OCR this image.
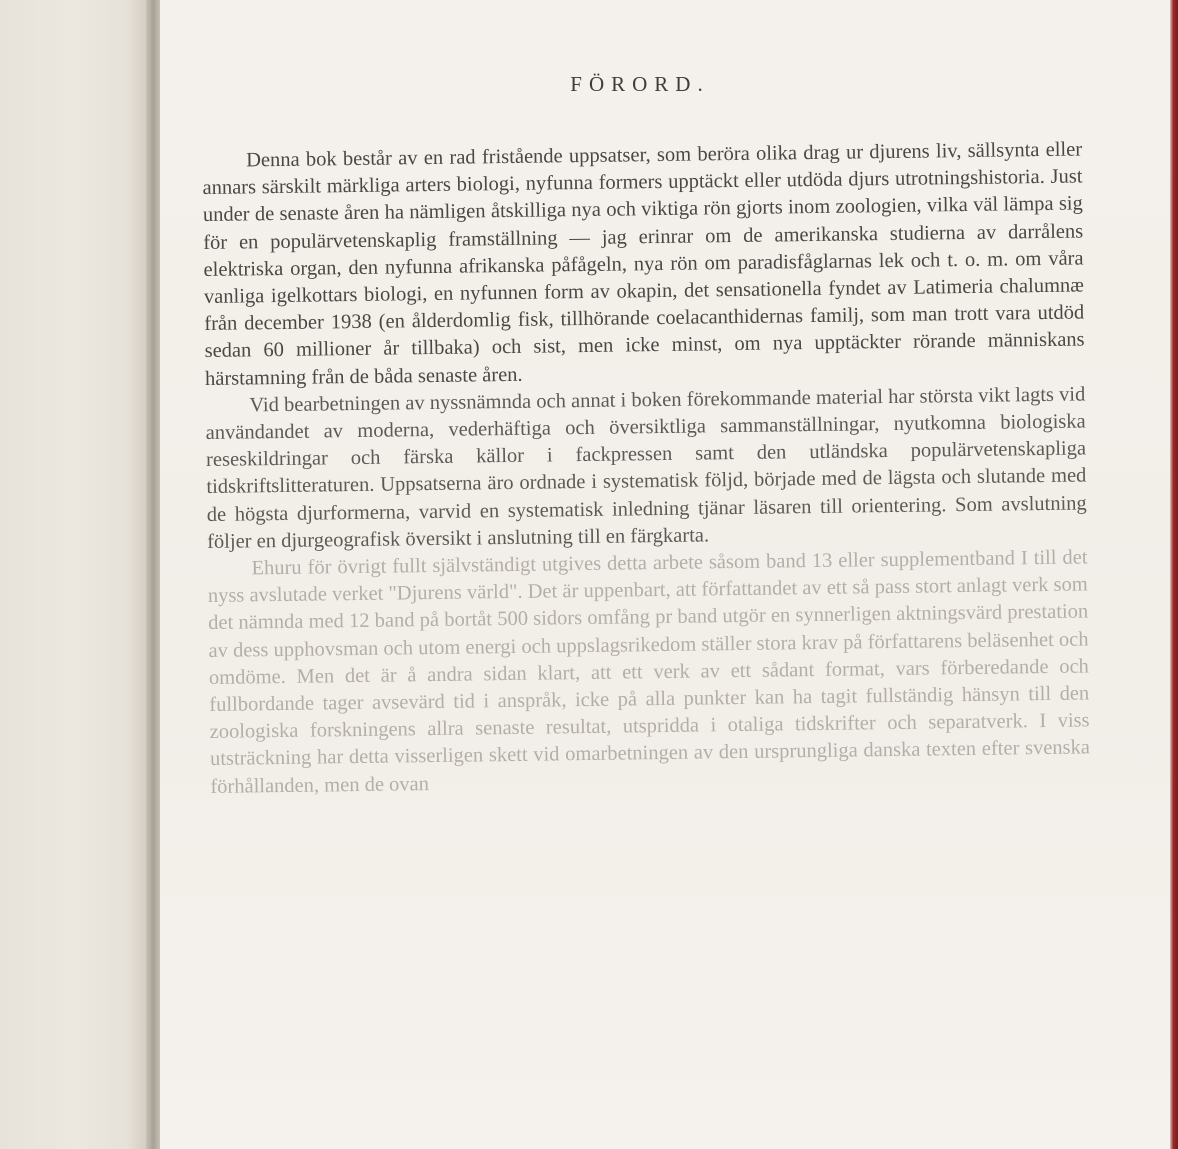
FÖRORD.

Denna bok består av en rad fristående uppsatser, som beröra olika drag ur djurens liv, sällsynta eller annars särskilt märkliga arters biologi, nyfunna formers upptäckt eller utdöda djurs utrotningshistoria. Just under de senaste åren ha nämligen åtskilliga nya och viktiga rön gjorts inom zoologien, vilka väl lämpa sig för en populärvetenskaplig framställning — jag erinrar om de amerikanska studierna av darrålens elektriska organ, den nyfunna afrikanska påfågeln, nya rön om paradisfåglarnas lek och t. o. m. om våra vanliga igelkottars biologi, en nyfunnen form av okapin, det sensationella fyndet av Latimeria chalumnæ från december 1938 (en ålderdomlig fisk, tillhörande coelacanthidernas familj, som man trott vara utdöd sedan 60 millioner år tillbaka) och sist, men icke minst, om nya upptäckter rörande människans härstamning från de båda senaste åren.

Vid bearbetningen av nyssnämnda och annat i boken förekommande material har största vikt lagts vid användandet av moderna, vederhäftiga och översiktliga sammanställningar, nyutkomna biologiska reseskildringar och färska källor i fackpressen samt den utländska populärvetenskapliga tidskriftslitteraturen. Uppsatserna äro ordnade i systematisk följd, började med de lägsta och slutande med de högsta djurformerna, varvid en systematisk inledning tjänar läsaren till orientering. Som avslutning följer en djurgeografisk översikt i anslutning till en färgkarta.

Ehuru för övrigt fullt självständigt utgives detta arbete såsom band 13 eller supplementband I till det nyss avslutade verket "Djurens värld". Det är uppenbart, att författandet av ett så pass stort anlagt verk som det nämnda med 12 band på bortåt 500 sidors omfång pr band utgör en synnerligen aktningsvärd prestation av dess upphovsman och utom energi och uppslagsrikedom ställer stora krav på författarens beläsenhet och omdöme. Men det är å andra sidan klart, att ett verk av ett sådant format, vars förberedande och fullbordande tager avsevärd tid i anspråk, icke på alla punkter kan ha tagit fullständig hänsyn till den zoologiska forskningens allra senaste resultat, utspridda i otaliga tidskrifter och separatverk. I viss utsträckning har detta visserligen skett vid omarbetningen av den ursprungliga danska texten efter svenska förhållanden, men de ovan
